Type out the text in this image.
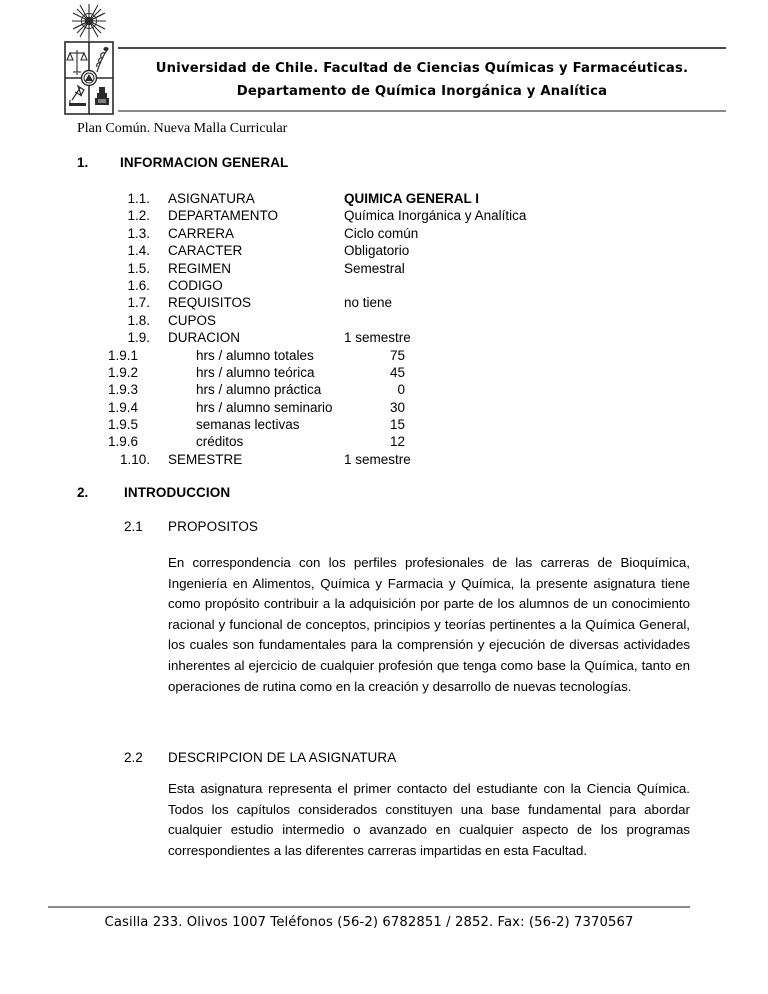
Universidad de Chile. Facultad de Ciencias Químicas y Farmacéuticas.
Departamento de Química Inorgánica y Analítica
Plan Común. Nueva Malla Curricular
1. INFORMACION GENERAL
1.1. ASIGNATURA	QUIMICA GENERAL I
1.2. DEPARTAMENTO	Química Inorgánica y Analítica
1.3. CARRERA	Ciclo común
1.4. CARACTER	Obligatorio
1.5. REGIMEN	Semestral
1.6. CODIGO
1.7. REQUISITOS	no tiene
1.8. CUPOS
1.9. DURACION	1 semestre
1.9.1	hrs / alumno totales	75
1.9.2	hrs / alumno teórica	45
1.9.3	hrs / alumno práctica	0
1.9.4	hrs / alumno seminario	30
1.9.5	semanas lectivas	15
1.9.6	créditos	12
1.10. SEMESTRE	1 semestre
2.	INTRODUCCION
2.1 PROPOSITOS
En correspondencia con los perfiles profesionales de las carreras de Bioquímica, Ingeniería en Alimentos, Química y Farmacia y Química, la presente asignatura tiene como propósito contribuir a la adquisición por parte de los alumnos de un conocimiento racional y funcional de conceptos, principios y teorías pertinentes a la Química General, los cuales son fundamentales para la comprensión y ejecución de diversas actividades inherentes al ejercicio de cualquier profesión que tenga como base la Química, tanto en operaciones de rutina como en la creación y desarrollo de nuevas tecnologías.
2.2 DESCRIPCION DE LA ASIGNATURA
Esta asignatura representa el primer contacto del estudiante con la Ciencia Química. Todos los capítulos considerados constituyen una base fundamental para abordar cualquier estudio intermedio o avanzado en cualquier aspecto de los programas correspondientes a las diferentes carreras impartidas en esta Facultad.
Casilla 233. Olivos 1007 Teléfonos (56-2) 6782851 / 2852. Fax: (56-2) 7370567
